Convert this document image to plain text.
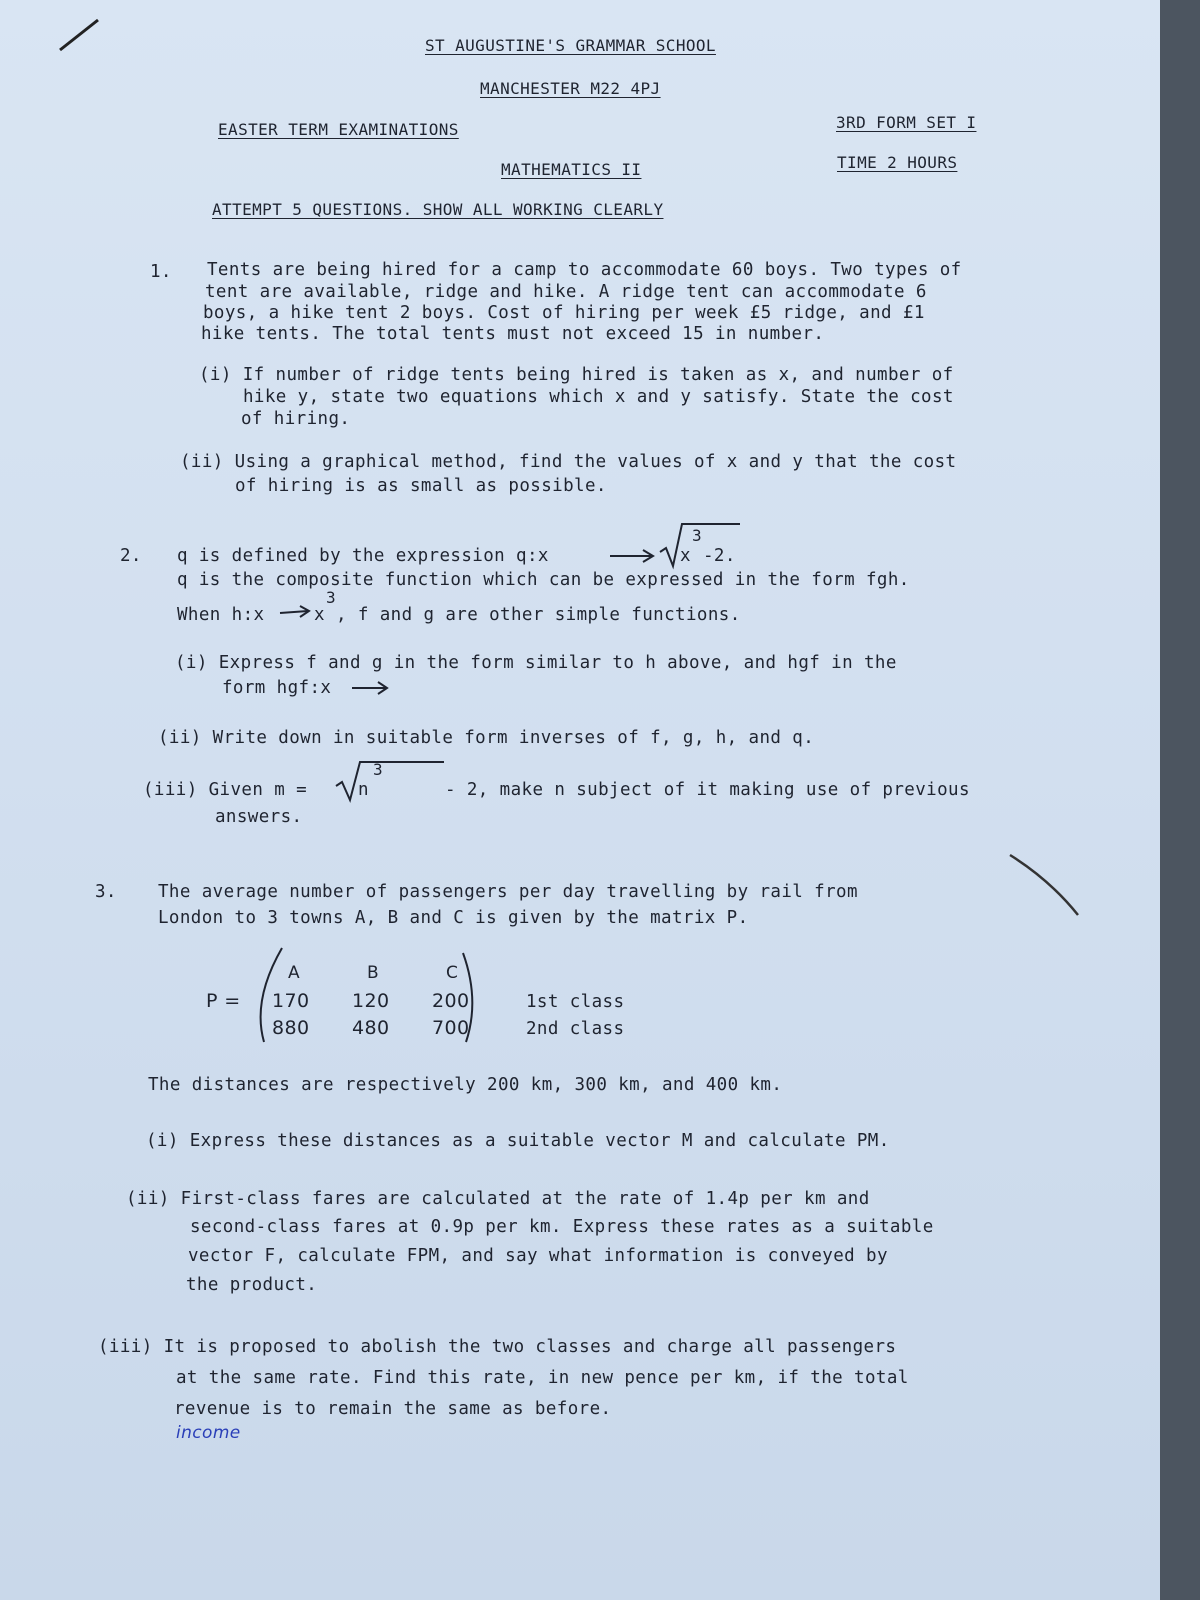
ST AUGUSTINE'S GRAMMAR SCHOOL
MANCHESTER M22 4PJ
EASTER TERM EXAMINATIONS	3RD FORM SET I
MATHEMATICS II	TIME 2 HOURS
ATTEMPT 5 QUESTIONS. SHOW ALL WORKING CLEARLY
1. Tents are being hired for a camp to accommodate 60 boys. Two types of
tent are available, ridge and hike. A ridge tent can accommodate 6
boys, a hike tent 2 boys. Cost of hiring per week £5 ridge, and £1
hike tents. The total tents must not exceed 15 in number.
(i) If number of ridge tents being hired is taken as x, and number of
hike y, state two equations which x and y satisfy. State the cost
of hiring.
(ii) Using a graphical method, find the values of x and y that the cost
of hiring is as small as possible.
2. q is defined by the expression q:x	x
3
-2.
q is the composite function which can be expressed in the form fgh.
When h:x	x
3
, f and g are other simple functions.
(i) Express f and g in the form similar to h above, and hgf in the
form hgf:x
(ii) Write down in suitable form inverses of f, g, h, and q.
(iii) Given m =	n
3
- 2, make n subject of it making use of previous
answers.
3. The average number of passengers per day travelling by rail from
London to 3 towns A, B and C is given by the matrix P.
P =
A	B	C
170 120 200
880 480 700
1st class
2nd class
The distances are respectively 200 km, 300 km, and 400 km.
(i) Express these distances as a suitable vector M and calculate PM.
(ii) First-class fares are calculated at the rate of 1.4p per km and
second-class fares at 0.9p per km. Express these rates as a suitable
vector F, calculate FPM, and say what information is conveyed by
the product.
(iii) It is proposed to abolish the two classes and charge all passengers
at the same rate. Find this rate, in new pence per km, if the total
revenue is to remain the same as before.
income
